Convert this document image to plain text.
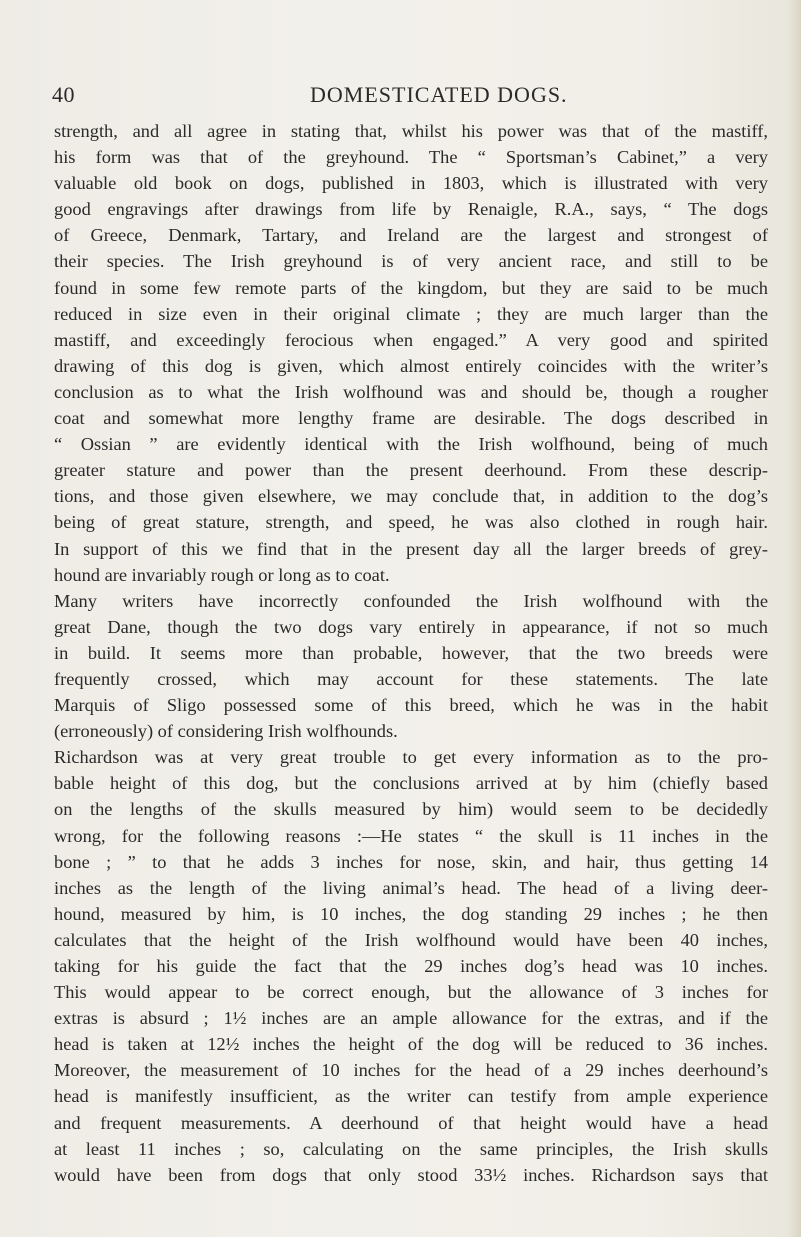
40	DOMESTICATED DOGS.
strength, and all agree in stating that, whilst his power was that of the mastiff,
his form was that of the greyhound. The “ Sportsman’s Cabinet,” a very
valuable old book on dogs, published in 1803, which is illustrated with very
good engravings after drawings from life by Renaigle, R.A., says, “ The dogs
of Greece, Denmark, Tartary, and Ireland are the largest and strongest of
their species. The Irish greyhound is of very ancient race, and still to be
found in some few remote parts of the kingdom, but they are said to be much
reduced in size even in their original climate ; they are much larger than the
mastiff, and exceedingly ferocious when engaged.” A very good and spirited
drawing of this dog is given, which almost entirely coincides with the writer’s
conclusion as to what the Irish wolfhound was and should be, though a rougher
coat and somewhat more lengthy frame are desirable. The dogs described in
“ Ossian ” are evidently identical with the Irish wolfhound, being of much
greater stature and power than the present deerhound. From these descrip-
tions, and those given elsewhere, we may conclude that, in addition to the dog’s
being of great stature, strength, and speed, he was also clothed in rough hair.
In support of this we find that in the present day all the larger breeds of grey-
hound are invariably rough or long as to coat.
Many writers have incorrectly confounded the Irish wolfhound with the
great Dane, though the two dogs vary entirely in appearance, if not so much
in build. It seems more than probable, however, that the two breeds were
frequently crossed, which may account for these statements. The late
Marquis of Sligo possessed some of this breed, which he was in the habit
(erroneously) of considering Irish wolfhounds.
Richardson was at very great trouble to get every information as to the pro-
bable height of this dog, but the conclusions arrived at by him (chiefly based
on the lengths of the skulls measured by him) would seem to be decidedly
wrong, for the following reasons :—He states “ the skull is 11 inches in the
bone ; ” to that he adds 3 inches for nose, skin, and hair, thus getting 14
inches as the length of the living animal’s head. The head of a living deer-
hound, measured by him, is 10 inches, the dog standing 29 inches ; he then
calculates that the height of the Irish wolfhound would have been 40 inches,
taking for his guide the fact that the 29 inches dog’s head was 10 inches.
This would appear to be correct enough, but the allowance of 3 inches for
extras is absurd ; 1½ inches are an ample allowance for the extras, and if the
head is taken at 12½ inches the height of the dog will be reduced to 36 inches.
Moreover, the measurement of 10 inches for the head of a 29 inches deerhound’s
head is manifestly insufficient, as the writer can testify from ample experience
and frequent measurements. A deerhound of that height would have a head
at least 11 inches ; so, calculating on the same principles, the Irish skulls
would have been from dogs that only stood 33½ inches. Richardson says that
